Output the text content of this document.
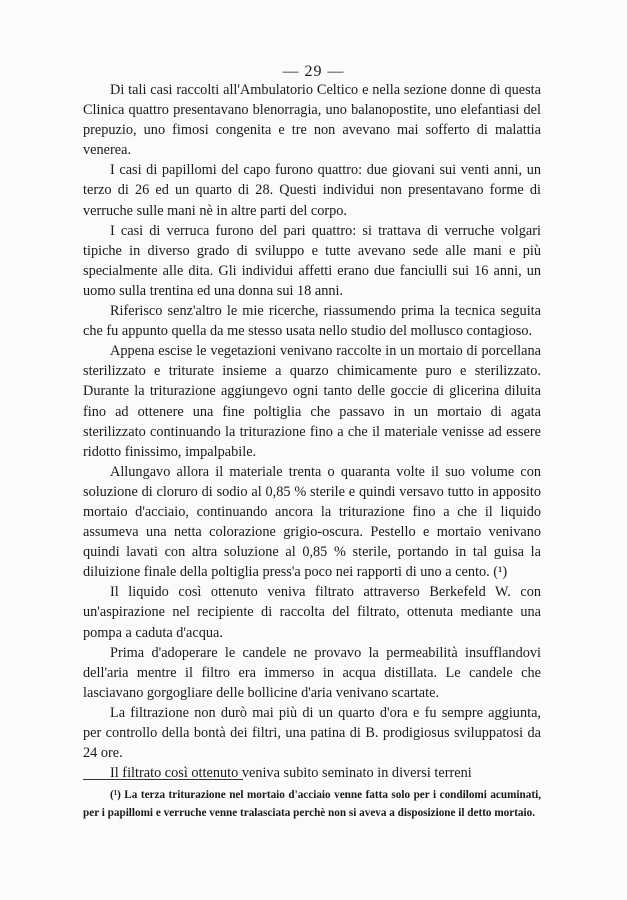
— 29 —

Di tali casi raccolti all'Ambulatorio Celtico e nella sezione donne di questa Clinica quattro presentavano blenorragia, uno balanopostite, uno elefantiasi del prepuzio, uno fimosi congenita e tre non avevano mai sofferto di malattia venerea.

I casi di papillomi del capo furono quattro: due giovani sui venti anni, un terzo di 26 ed un quarto di 28. Questi individui non presentavano forme di verruche sulle mani nè in altre parti del corpo.

I casi di verruca furono del pari quattro: si trattava di verruche volgari tipiche in diverso grado di sviluppo e tutte avevano sede alle mani e più specialmente alle dita. Gli individui affetti erano due fanciulli sui 16 anni, un uomo sulla trentina ed una donna sui 18 anni.

Riferisco senz'altro le mie ricerche, riassumendo prima la tecnica seguita che fu appunto quella da me stesso usata nello studio del mollusco contagioso.

Appena escise le vegetazioni venivano raccolte in un mortaio di porcellana sterilizzato e triturate insieme a quarzo chimicamente puro e sterilizzato. Durante la triturazione aggiungevo ogni tanto delle goccie di glicerina diluita fino ad ottenere una fine poltiglia che passavo in un mortaio di agata sterilizzato continuando la triturazione fino a che il materiale venisse ad essere ridotto finissimo, impalpabile.

Allungavo allora il materiale trenta o quaranta volte il suo volume con soluzione di cloruro di sodio al 0,85 % sterile e quindi versavo tutto in apposito mortaio d'acciaio, continuando ancora la triturazione fino a che il liquido assumeva una netta colorazione grigio-oscura. Pestello e mortaio venivano quindi lavati con altra soluzione al 0,85 % sterile, portando in tal guisa la diluizione finale della poltiglia press'a poco nei rapporti di uno a cento. (¹)

Il liquido così ottenuto veniva filtrato attraverso Berkefeld W. con un'aspirazione nel recipiente di raccolta del filtrato, ottenuta mediante una pompa a caduta d'acqua.

Prima d'adoperare le candele ne provavo la permeabilità insufflandovi dell'aria mentre il filtro era immerso in acqua distillata. Le candele che lasciavano gorgogliare delle bollicine d'aria venivano scartate.

La filtrazione non durò mai più di un quarto d'ora e fu sempre aggiunta, per controllo della bontà dei filtri, una patina di B. prodigiosus sviluppatosi da 24 ore.

Il filtrato così ottenuto veniva subito seminato in diversi terreni

(¹) La terza triturazione nel mortaio d'acciaio venne fatta solo per i condilomi acuminati, per i papillomi e verruche venne tralasciata perchè non si aveva a disposizione il detto mortaio.
